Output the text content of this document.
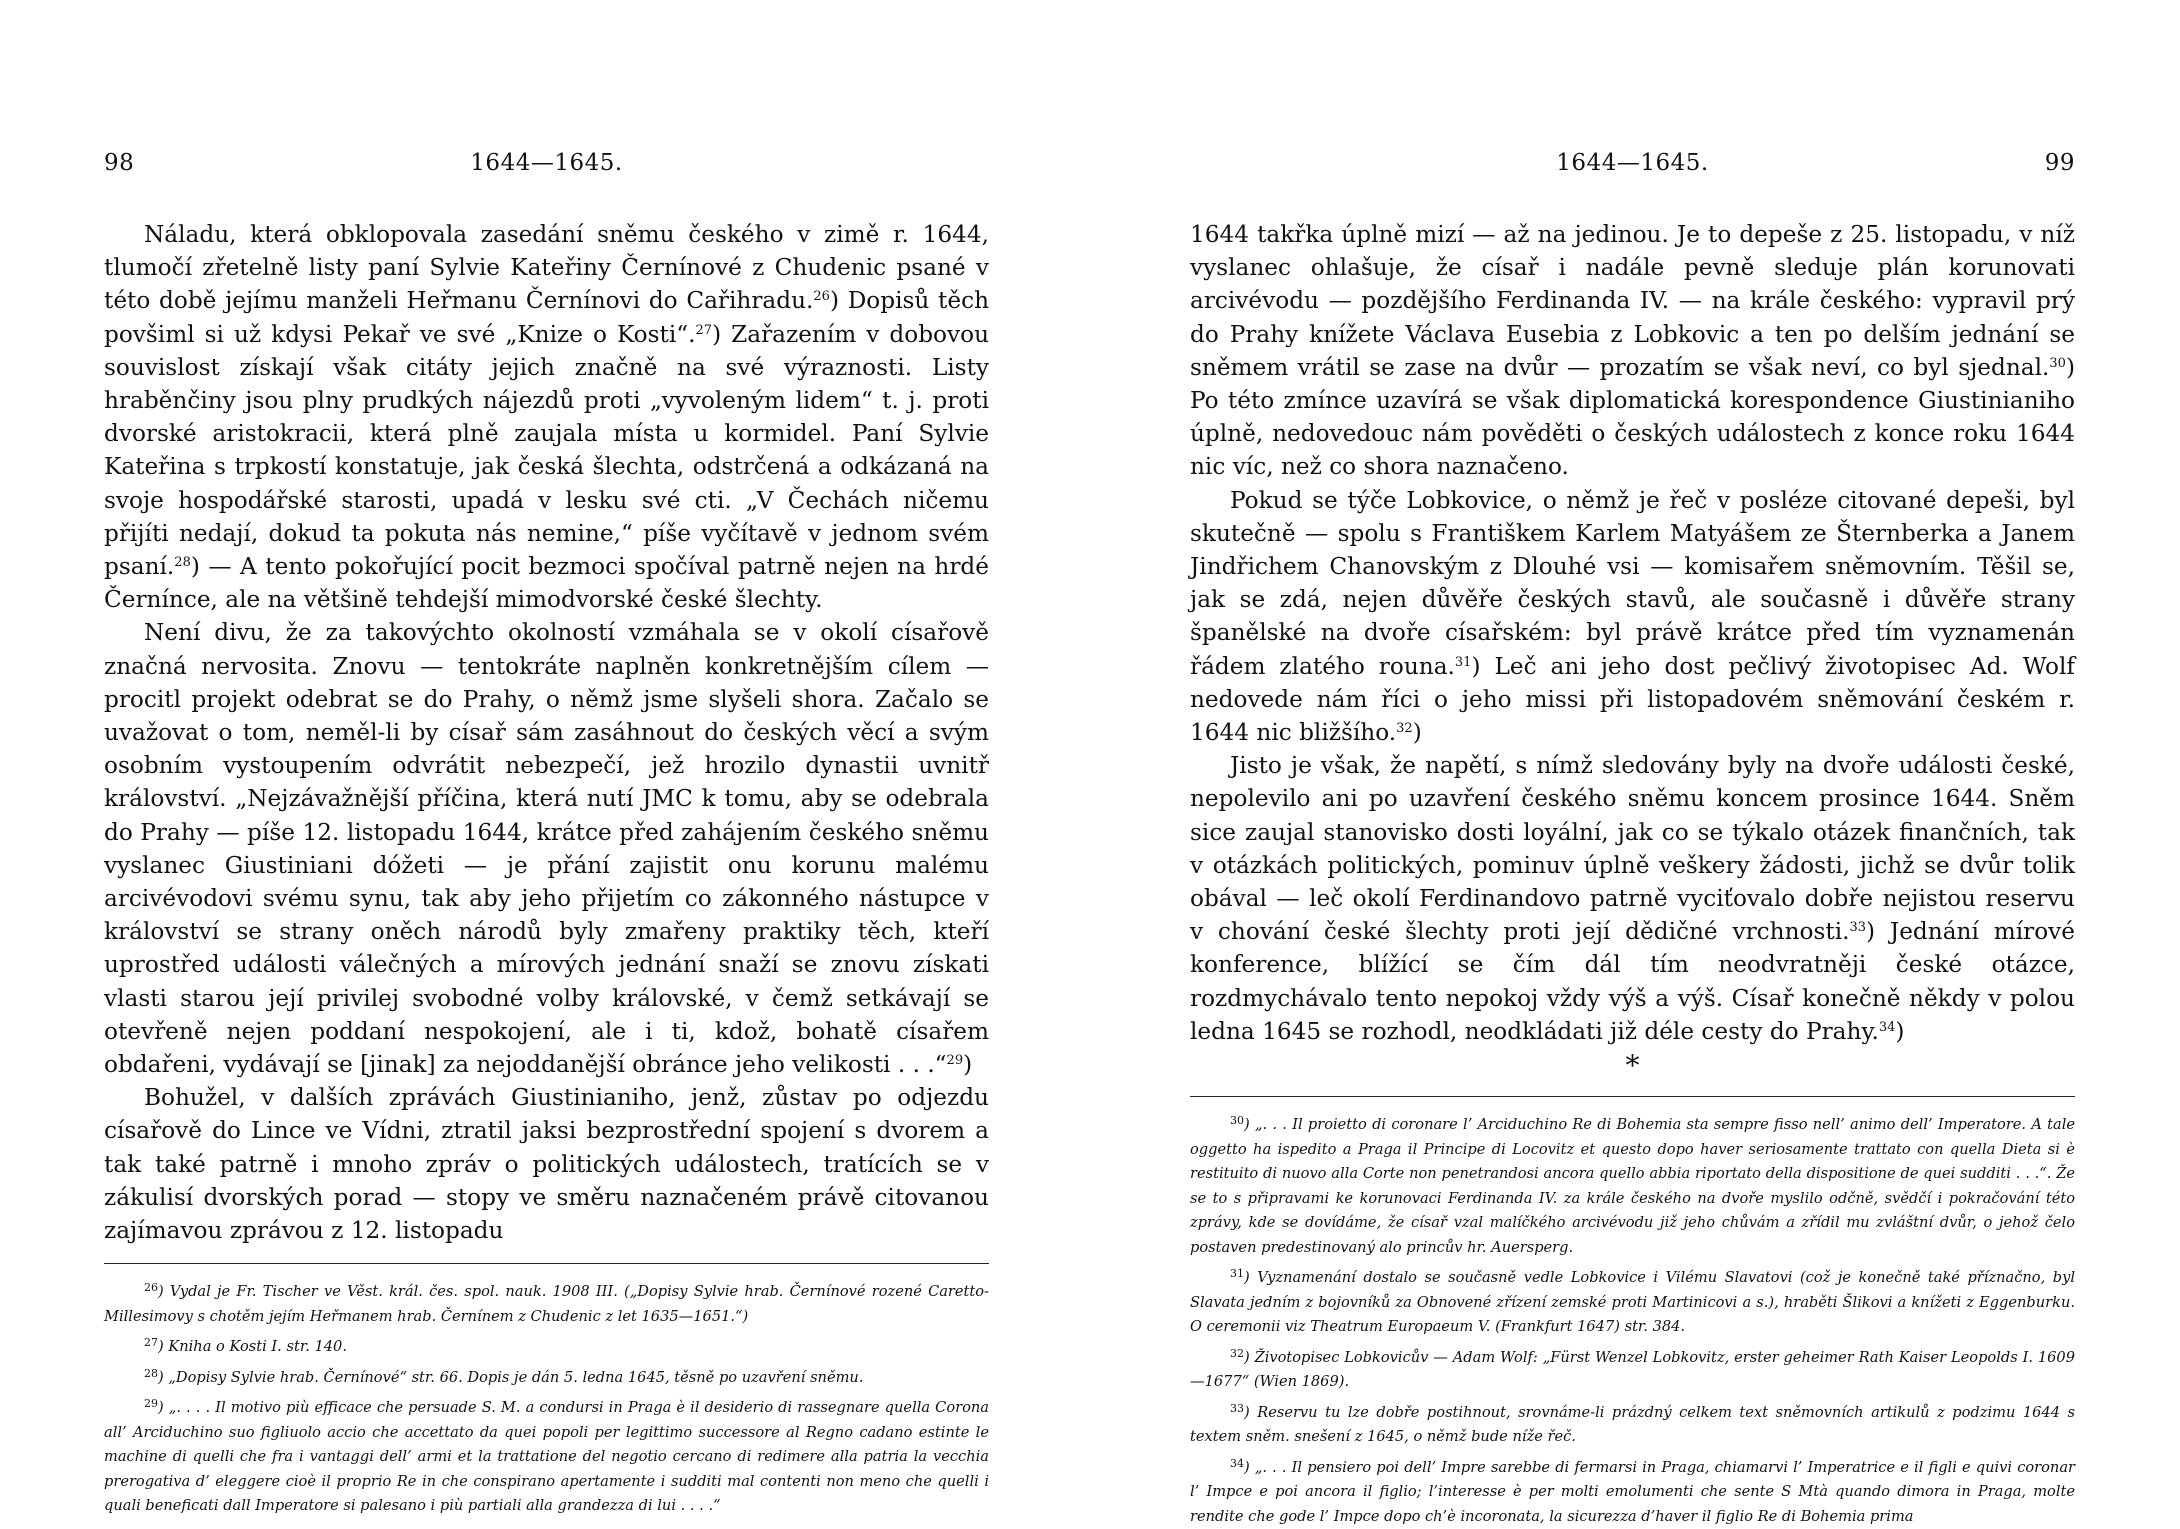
98	1644—1645.

Náladu, která obklopovala zasedání sněmu českého v zimě r. 1644, tlumočí zřetelně listy paní Sylvie Kateřiny Černínové z Chudenic psané v této době jejímu manželi Heřmanu Černínovi do Cařihradu.$^{26}$) Dopisů těch povšiml si už kdysi Pekař ve své „Knize o Kosti“.$^{27}$) Zařazením v dobovou souvislost získají však citáty jejich značně na své výraznosti. Listy hraběnčiny jsou plny prudkých nájezdů proti „vyvoleným lidem“ t. j. proti dvorské aristokracii, která plně zaujala místa u kormidel. Paní Sylvie Kateřina s trpkostí konstatuje, jak česká šlechta, odstrčená a odkázaná na svoje hospodářské starosti, upadá v lesku své cti. „V Čechách ničemu přijíti nedají, dokud ta pokuta nás nemine,“ píše vyčítavě v jednom svém psaní.$^{28}$) — A tento pokořující pocit bezmoci spočíval patrně nejen na hrdé Černínce, ale na většině tehdejší mimodvorské české šlechty.

Není divu, že za takovýchto okolností vzmáhala se v okolí císařově značná nervosita. Znovu — tentokráte naplněn konkretnějším cílem — procitl projekt odebrat se do Prahy, o němž jsme slyšeli shora. Začalo se uvažovat o tom, neměl-li by císař sám zasáhnout do českých věcí a svým osobním vystoupením odvrátit nebezpečí, jež hrozilo dynastii uvnitř království. „Nejzávažnější příčina, která nutí JMC k tomu, aby se odebrala do Prahy — píše 12. listopadu 1644, krátce před zahájením českého sněmu vyslanec Giustiniani dóžeti — je přání zajistit onu korunu malému arcivévodovi svému synu, tak aby jeho přijetím co zákonného nástupce v království se strany oněch národů byly zmařeny praktiky těch, kteří uprostřed události válečných a mírových jednání snaží se znovu získati vlasti starou její privilej svobodné volby královské, v čemž setkávají se otevřeně nejen poddaní nespokojení, ale i ti, kdož, bohatě císařem obdařeni, vydávají se [jinak] za nejoddanější obránce jeho velikosti . . .“$^{29}$)

Bohužel, v dalších zprávách Giustinianiho, jenž, zůstav po odjezdu císařově do Lince ve Vídni, ztratil jaksi bezprostřední spojení s dvorem a tak také patrně i mnoho zpráv o politických událostech, tratících se v zákulisí dvorských porad — stopy ve směru naznačeném právě citovanou zajímavou zprávou z 12. listopadu

$^{26}$) Vydal je Fr. Tischer ve Věst. král. čes. spol. nauk. 1908 III. („Dopisy Sylvie hrab. Černínové rozené Caretto-Millesimovy s chotěm jejím Heřmanem hrab. Černínem z Chudenic z let 1635—1651.“)

$^{27}$) Kniha o Kosti I. str. 140.

$^{28}$) „Dopisy Sylvie hrab. Černínové“ str. 66. Dopis je dán 5. ledna 1645, těsně po uzavření sněmu.

$^{29}$) „. . . . Il motivo più efficace che persuade S. M. a condursi in Praga è il desiderio di rassegnare quella Corona all’ Arciduchino suo figliuolo accio che accettato da quei popoli per legittimo successore al Regno cadano estinte le machine di quelli che fra i vantaggi dell’ armi et la trattatione del negotio cercano di redimere alla patria la vecchia prerogativa d’ eleggere cioè il proprio Re in che conspirano apertamente i sudditi mal contenti non meno che quelli i quali beneficati dall Imperatore si palesano i più partiali alla grandezza di lui . . . .“

1644—1645.	99

1644 takřka úplně mizí — až na jedinou. Je to depeše z 25. listopadu, v níž vyslanec ohlašuje, že císař i nadále pevně sleduje plán korunovati arcivévodu — pozdějšího Ferdinanda IV. — na krále českého: vypravil prý do Prahy knížete Václava Eusebia z Lobkovic a ten po delším jednání se sněmem vrátil se zase na dvůr — prozatím se však neví, co byl sjednal.$^{30}$) Po této zmínce uzavírá se však diplomatická korespondence Giustinianiho úplně, nedovedouc nám pověděti o českých událostech z konce roku 1644 nic víc, než co shora naznačeno.

Pokud se týče Lobkovice, o němž je řeč v posléze citované depeši, byl skutečně — spolu s Františkem Karlem Matyášem ze Šternberka a Janem Jindřichem Chanovským z Dlouhé vsi — komisařem sněmovním. Těšil se, jak se zdá, nejen důvěře českých stavů, ale současně i důvěře strany španělské na dvoře císařském: byl právě krátce před tím vyznamenán řádem zlatého rouna.$^{31}$) Leč ani jeho dost pečlivý životopisec Ad. Wolf nedovede nám říci o jeho missi při listopadovém sněmování českém r. 1644 nic bližšího.$^{32}$)

Jisto je však, že napětí, s nímž sledovány byly na dvoře události české, nepolevilo ani po uzavření českého sněmu koncem prosince 1644. Sněm sice zaujal stanovisko dosti loyální, jak co se týkalo otázek finančních, tak v otázkách politických, pominuv úplně veškery žádosti, jichž se dvůr tolik obával — leč okolí Ferdinandovo patrně vyciťovalo dobře nejistou reservu v chování české šlechty proti její dědičné vrchnosti.$^{33}$) Jednání mírové konference, blížící se čím dál tím neodvratněji české otázce, rozdmychávalo tento nepokoj vždy výš a výš. Císař konečně někdy v polou ledna 1645 se rozhodl, neodkládati již déle cesty do Prahy.$^{34}$)

*

$^{30}$) „. . . Il proietto di coronare l’ Arciduchino Re di Bohemia sta sempre fisso nell’ animo dell’ Imperatore. A tale oggetto ha ispedito a Praga il Principe di Locovitz et questo dopo haver seriosamente trattato con quella Dieta si è restituito di nuovo alla Corte non penetrandosi ancora quello abbia riportato della dispositione de quei sudditi . . .“. Že se to s připravami ke korunovaci Ferdinanda IV. za krále českého na dvoře myslilo odčně, svědčí i pokračování této zprávy, kde se dovídáme, že císař vzal malíčkého arcivévodu již jeho chůvám a zřídil mu zvláštní dvůr, o jehož čelo postaven predestinovaný alo princův hr. Auersperg.

$^{31}$) Vyznamenání dostalo se současně vedle Lobkovice i Vilému Slavatovi (což je konečně také příznačno, byl Slavata jedním z bojovníků za Obnovené zřízení zemské proti Martinicovi a s.), hraběti Šlikovi a knížeti z Eggenburku. O ceremonii viz Theatrum Europaeum V. (Frankfurt 1647) str. 384.

$^{32}$) Životopisec Lobkovicův — Adam Wolf: „Fürst Wenzel Lobkovitz, erster geheimer Rath Kaiser Leopolds I. 1609—1677“ (Wien 1869).

$^{33}$) Reservu tu lze dobře postihnout, srovnáme-li prázdný celkem text sněmovních artikulů z podzimu 1644 s textem sněm. snešení z 1645, o němž bude níže řeč.

$^{34}$) „. . . Il pensiero poi dell’ Impre sarebbe di fermarsi in Praga, chiamarvi l’ Imperatrice e il figli e quivi coronar l’ Impce e poi ancora il figlio; l’interesse è per molti emolumenti che sente S Mtà quando dimora in Praga, molte rendite che gode l’ Impce dopo ch’è incoronata, la sicurezza d’haver il figlio Re di Bohemia prima
